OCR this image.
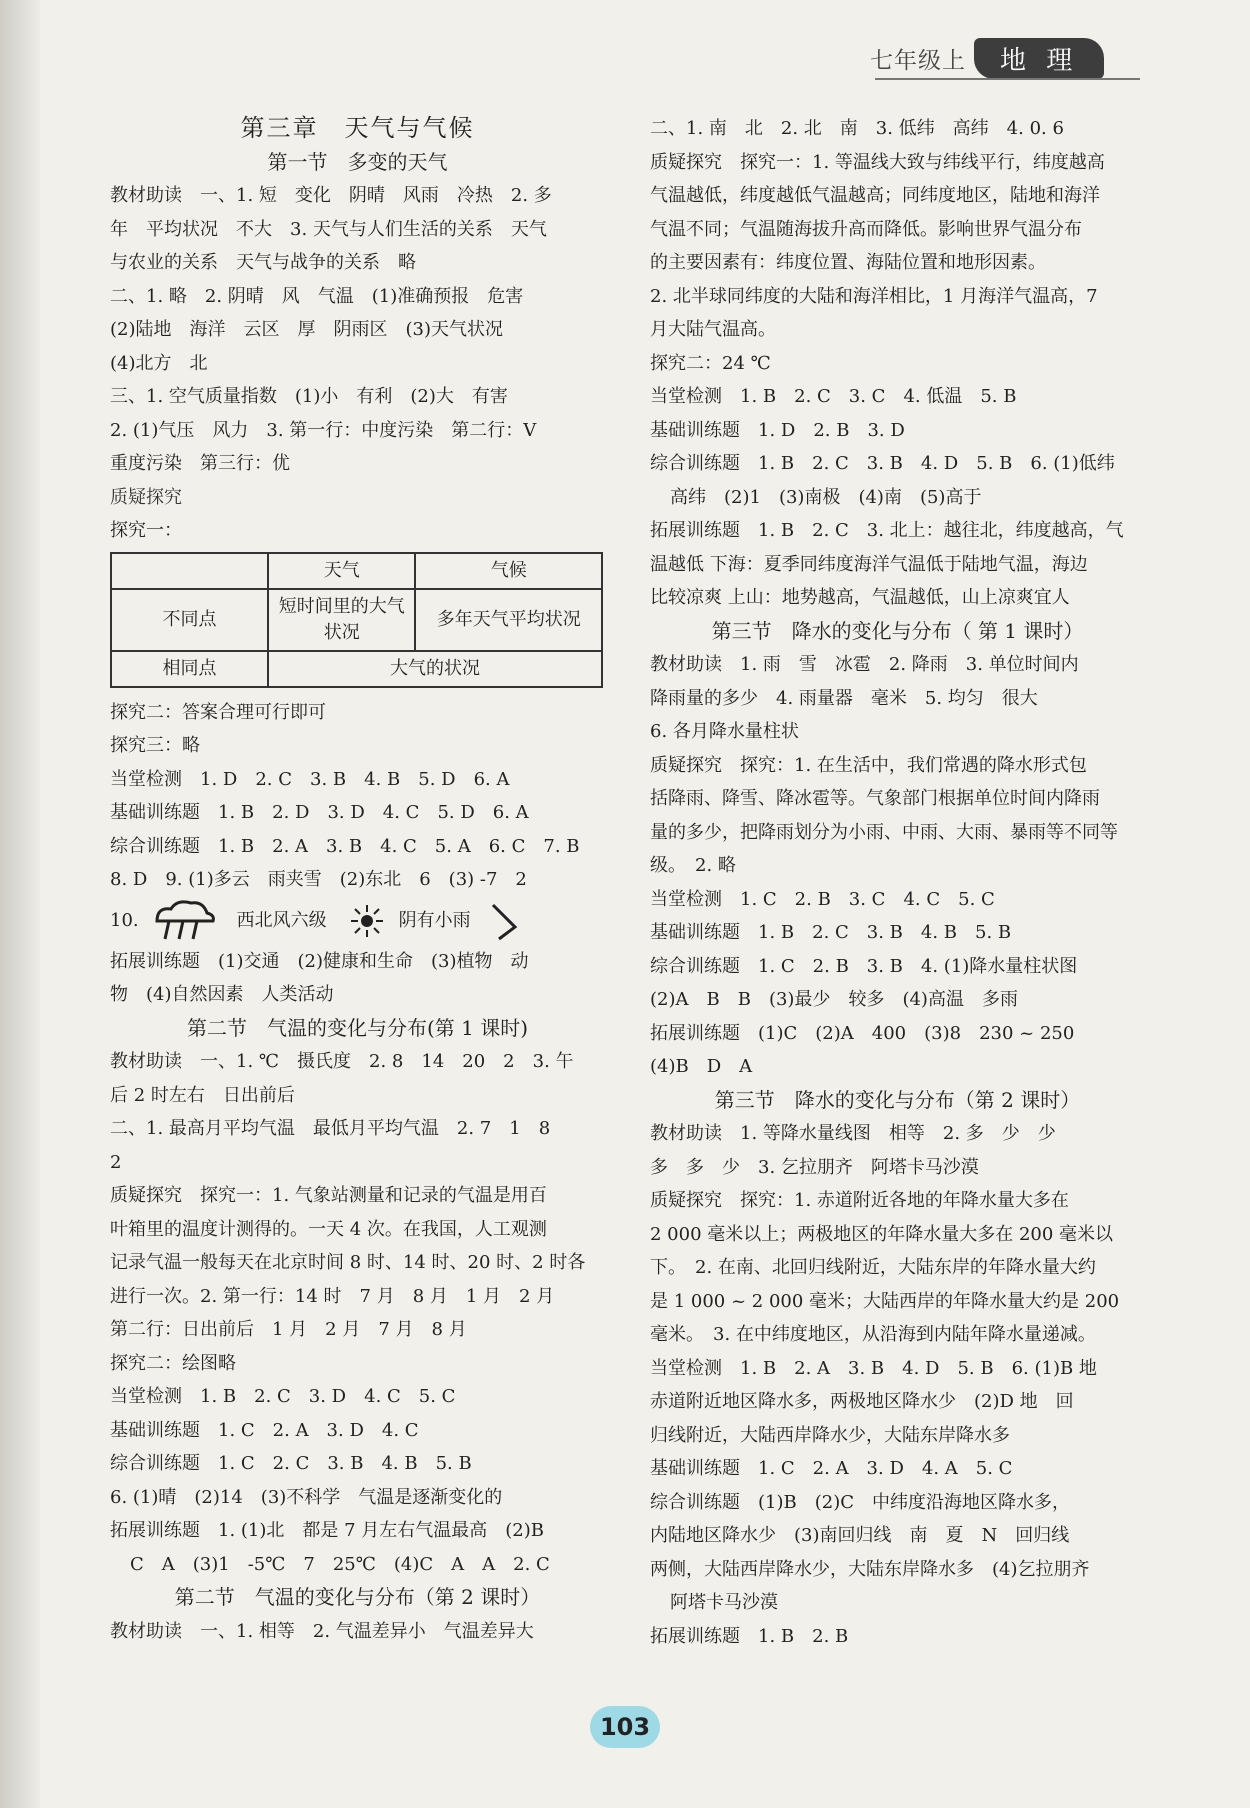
七年级上	地 理

第三章　天气与气候

第一节　多变的天气

教材助读　一、1. 短　变化　阴晴　风雨　冷热　2. 多

年　平均状况　不大　3. 天气与人们生活的关系　天气

与农业的关系　天气与战争的关系　略

二、1. 略　2. 阴晴　风　气温　(1)准确预报　危害

(2)陆地　海洋　云区　厚　阴雨区　(3)天气状况

(4)北方　北

三、1. 空气质量指数　(1)小　有利　(2)大　有害

2. (1)气压　风力　3. 第一行：中度污染　第二行：V

重度污染　第三行：优

质疑探究

探究一：

	天气	气候
不同点	短时间里的大气状况	多年天气平均状况
相同点	大气的状况	

探究二：答案合理可行即可

探究三：略

当堂检测　1. D　2. C　3. B　4. B　5. D　6. A

基础训练题　1. B　2. D　3. D　4. C　5. D　6. A

综合训练题　1. B　2. A　3. B　4. C　5. A　6. C　7. B

8. D　9. (1)多云　雨夹雪　(2)东北　6　(3) -7　2

10.	西北风六级	阴有小雨

拓展训练题　(1)交通　(2)健康和生命　(3)植物　动

物　(4)自然因素　人类活动

第二节　气温的变化与分布(第 1 课时)

教材助读　一、1. ℃　摄氏度　2. 8　14　20　2　3. 午

后 2 时左右　日出前后

二、1. 最高月平均气温　最低月平均气温　2. 7　1　8

2

质疑探究　探究一：1. 气象站测量和记录的气温是用百

叶箱里的温度计测得的。一天 4 次。在我国，人工观测

记录气温一般每天在北京时间 8 时、14 时、20 时、2 时各

进行一次。2. 第一行：14 时　7 月　8 月　1 月　2 月

第二行：日出前后　1 月　2 月　7 月　8 月

探究二：绘图略

当堂检测　1. B　2. C　3. D　4. C　5. C

基础训练题　1. C　2. A　3. D　4. C

综合训练题　1. C　2. C　3. B　4. B　5. B

6. (1)晴　(2)14　(3)不科学　气温是逐渐变化的

拓展训练题　1. (1)北　都是 7 月左右气温最高　(2)B

C　A　(3)1　-5℃　7　25℃　(4)C　A　A　2. C

第二节　气温的变化与分布（第 2 课时）

教材助读　一、1. 相等　2. 气温差异小　气温差异大

二、1. 南　北　2. 北　南　3. 低纬　高纬　4. 0. 6

质疑探究　探究一：1. 等温线大致与纬线平行，纬度越高

气温越低，纬度越低气温越高；同纬度地区，陆地和海洋

气温不同；气温随海拔升高而降低。影响世界气温分布

的主要因素有：纬度位置、海陆位置和地形因素。

2. 北半球同纬度的大陆和海洋相比，1 月海洋气温高，7

月大陆气温高。

探究二：24 ℃

当堂检测　1. B　2. C　3. C　4. 低温　5. B

基础训练题　1. D　2. B　3. D

综合训练题　1. B　2. C　3. B　4. D　5. B　6. (1)低纬

高纬　(2)1　(3)南极　(4)南　(5)高于

拓展训练题　1. B　2. C　3. 北上：越往北，纬度越高，气

温越低 下海：夏季同纬度海洋气温低于陆地气温，海边

比较凉爽 上山：地势越高，气温越低，山上凉爽宜人

第三节　降水的变化与分布（ 第 1 课时）

教材助读　1. 雨　雪　冰雹　2. 降雨　3. 单位时间内

降雨量的多少　4. 雨量器　毫米　5. 均匀　很大

6. 各月降水量柱状

质疑探究　探究：1. 在生活中，我们常遇的降水形式包

括降雨、降雪、降冰雹等。气象部门根据单位时间内降雨

量的多少，把降雨划分为小雨、中雨、大雨、暴雨等不同等

级。　2. 略

当堂检测　1. C　2. B　3. C　4. C　5. C

基础训练题　1. B　2. C　3. B　4. B　5. B

综合训练题　1. C　2. B　3. B　4. (1)降水量柱状图

(2)A　B　B　(3)最少　较多　(4)高温　多雨

拓展训练题　(1)C　(2)A　400　(3)8　230 ~ 250

(4)B　D　A

第三节　降水的变化与分布（第 2 课时）

教材助读　1. 等降水量线图　相等　2. 多　少　少

多　多　少　3. 乞拉朋齐　阿塔卡马沙漠

质疑探究　探究：1. 赤道附近各地的年降水量大多在

2 000 毫米以上；两极地区的年降水量大多在 200 毫米以

下。　2. 在南、北回归线附近，大陆东岸的年降水量大约

是 1 000 ~ 2 000 毫米；大陆西岸的年降水量大约是 200

毫米。　3. 在中纬度地区，从沿海到内陆年降水量递减。

当堂检测　1. B　2. A　3. B　4. D　5. B　6. (1)B 地

赤道附近地区降水多，两极地区降水少　(2)D 地　回

归线附近，大陆西岸降水少，大陆东岸降水多

基础训练题　1. C　2. A　3. D　4. A　5. C

综合训练题　(1)B　(2)C　中纬度沿海地区降水多，

内陆地区降水少　(3)南回归线　南　夏　N　回归线

两侧，大陆西岸降水少，大陆东岸降水多　(4)乞拉朋齐

阿塔卡马沙漠

拓展训练题　1. B　2. B

103
